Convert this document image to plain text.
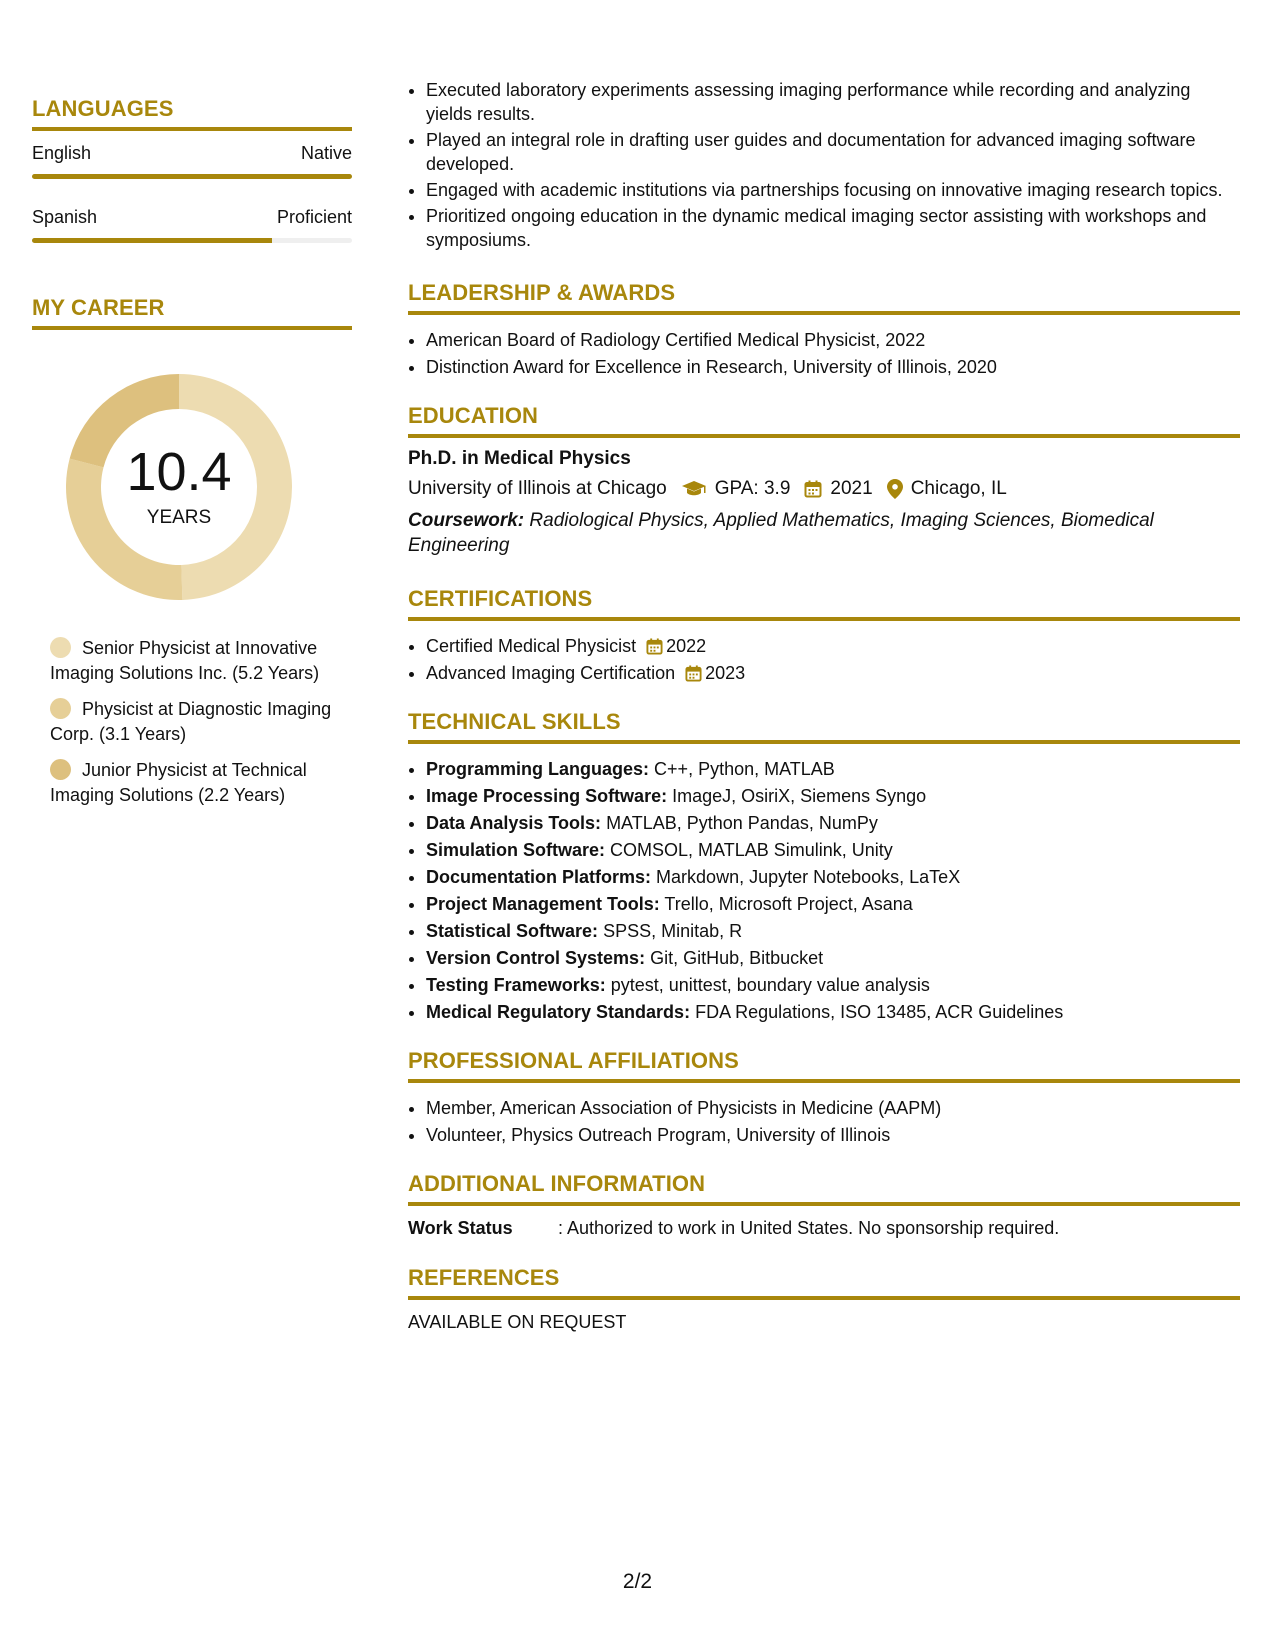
LANGUAGES
English	Native
Spanish	Proficient
MY CAREER
10.4
YEARS
Senior Physicist at Innovative Imaging Solutions Inc. (5.2 Years)
Physicist at Diagnostic Imaging Corp. (3.1 Years)
Junior Physicist at Technical Imaging Solutions (2.2 Years)
• Executed laboratory experiments assessing imaging performance while recording and analyzing yields results.
• Played an integral role in drafting user guides and documentation for advanced imaging software developed.
• Engaged with academic institutions via partnerships focusing on innovative imaging research topics.
• Prioritized ongoing education in the dynamic medical imaging sector assisting with workshops and symposiums.
LEADERSHIP & AWARDS
• American Board of Radiology Certified Medical Physicist, 2022
• Distinction Award for Excellence in Research, University of Illinois, 2020
EDUCATION
Ph.D. in Medical Physics
University of Illinois at Chicago	GPA: 3.9 2021 Chicago, IL
Coursework: Radiological Physics, Applied Mathematics, Imaging Sciences, Biomedical Engineering
CERTIFICATIONS
• Certified Medical Physicist 2022
• Advanced Imaging Certification 2023
TECHNICAL SKILLS
• Programming Languages: C++, Python, MATLAB
• Image Processing Software: ImageJ, OsiriX, Siemens Syngo
• Data Analysis Tools: MATLAB, Python Pandas, NumPy
• Simulation Software: COMSOL, MATLAB Simulink, Unity
• Documentation Platforms: Markdown, Jupyter Notebooks, LaTeX
• Project Management Tools: Trello, Microsoft Project, Asana
• Statistical Software: SPSS, Minitab, R
• Version Control Systems: Git, GitHub, Bitbucket
• Testing Frameworks: pytest, unittest, boundary value analysis
• Medical Regulatory Standards: FDA Regulations, ISO 13485, ACR Guidelines
PROFESSIONAL AFFILIATIONS
• Member, American Association of Physicists in Medicine (AAPM)
• Volunteer, Physics Outreach Program, University of Illinois
ADDITIONAL INFORMATION
Work Status	: Authorized to work in United States. No sponsorship required.
REFERENCES
AVAILABLE ON REQUEST
2/2
